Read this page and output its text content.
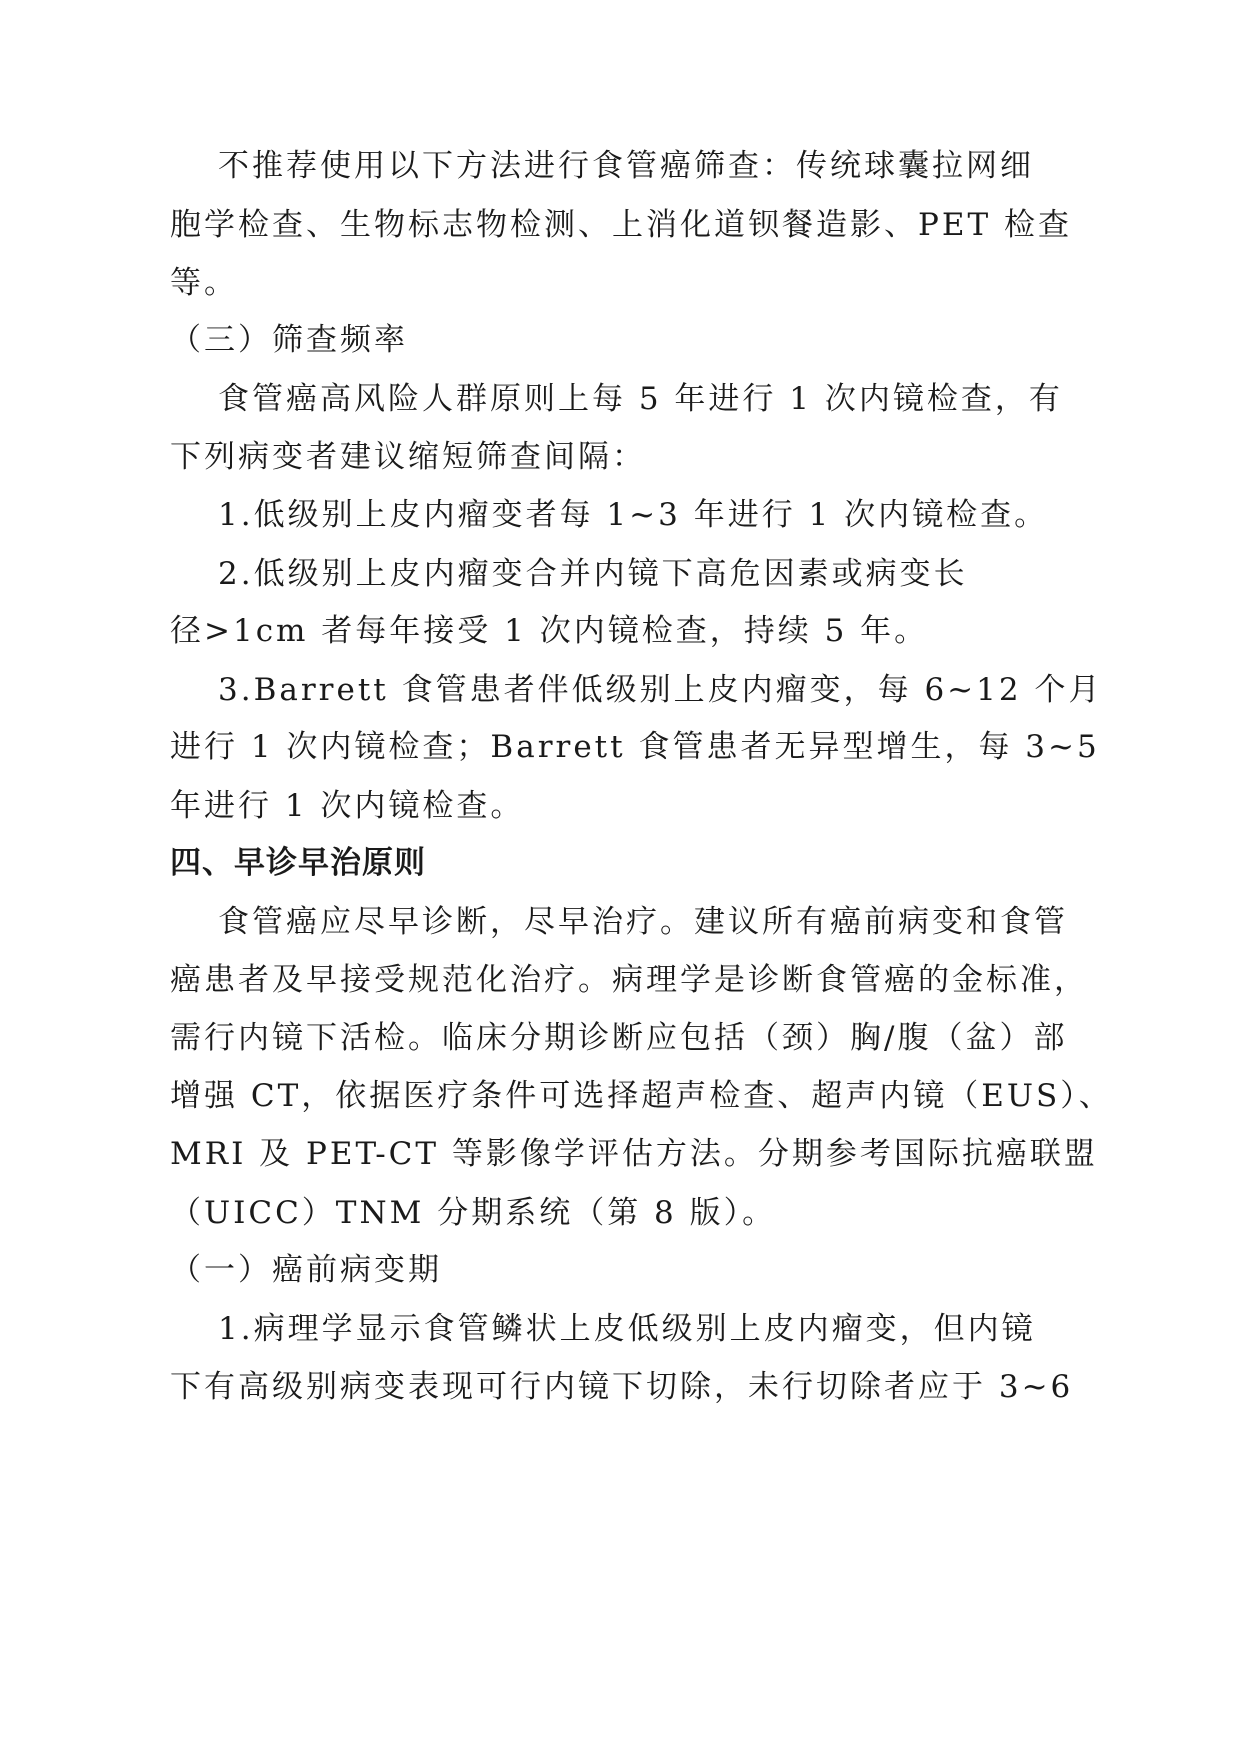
不推荐使用以下方法进行食管癌筛查：传统球囊拉网细
胞学检查、生物标志物检测、上消化道钡餐造影、PET 检查
等。
（三）筛查频率
食管癌高风险人群原则上每 5 年进行 1 次内镜检查，有
下列病变者建议缩短筛查间隔：
1.低级别上皮内瘤变者每 1~3 年进行 1 次内镜检查。
2.低级别上皮内瘤变合并内镜下高危因素或病变长
径>1cm 者每年接受 1 次内镜检查，持续 5 年。
3.Barrett 食管患者伴低级别上皮内瘤变，每 6~12 个月
进行 1 次内镜检查；Barrett 食管患者无异型增生，每 3~5
年进行 1 次内镜检查。
四、早诊早治原则
食管癌应尽早诊断，尽早治疗。建议所有癌前病变和食管
癌患者及早接受规范化治疗。病理学是诊断食管癌的金标准，
需行内镜下活检。临床分期诊断应包括（颈）胸/腹（盆）部
增强 CT，依据医疗条件可选择超声检查、超声内镜（EUS）、
MRI 及 PET-CT 等影像学评估方法。分期参考国际抗癌联盟
（UICC）TNM 分期系统（第 8 版）。
（一）癌前病变期
1.病理学显示食管鳞状上皮低级别上皮内瘤变，但内镜
下有高级别病变表现可行内镜下切除，未行切除者应于 3~6
